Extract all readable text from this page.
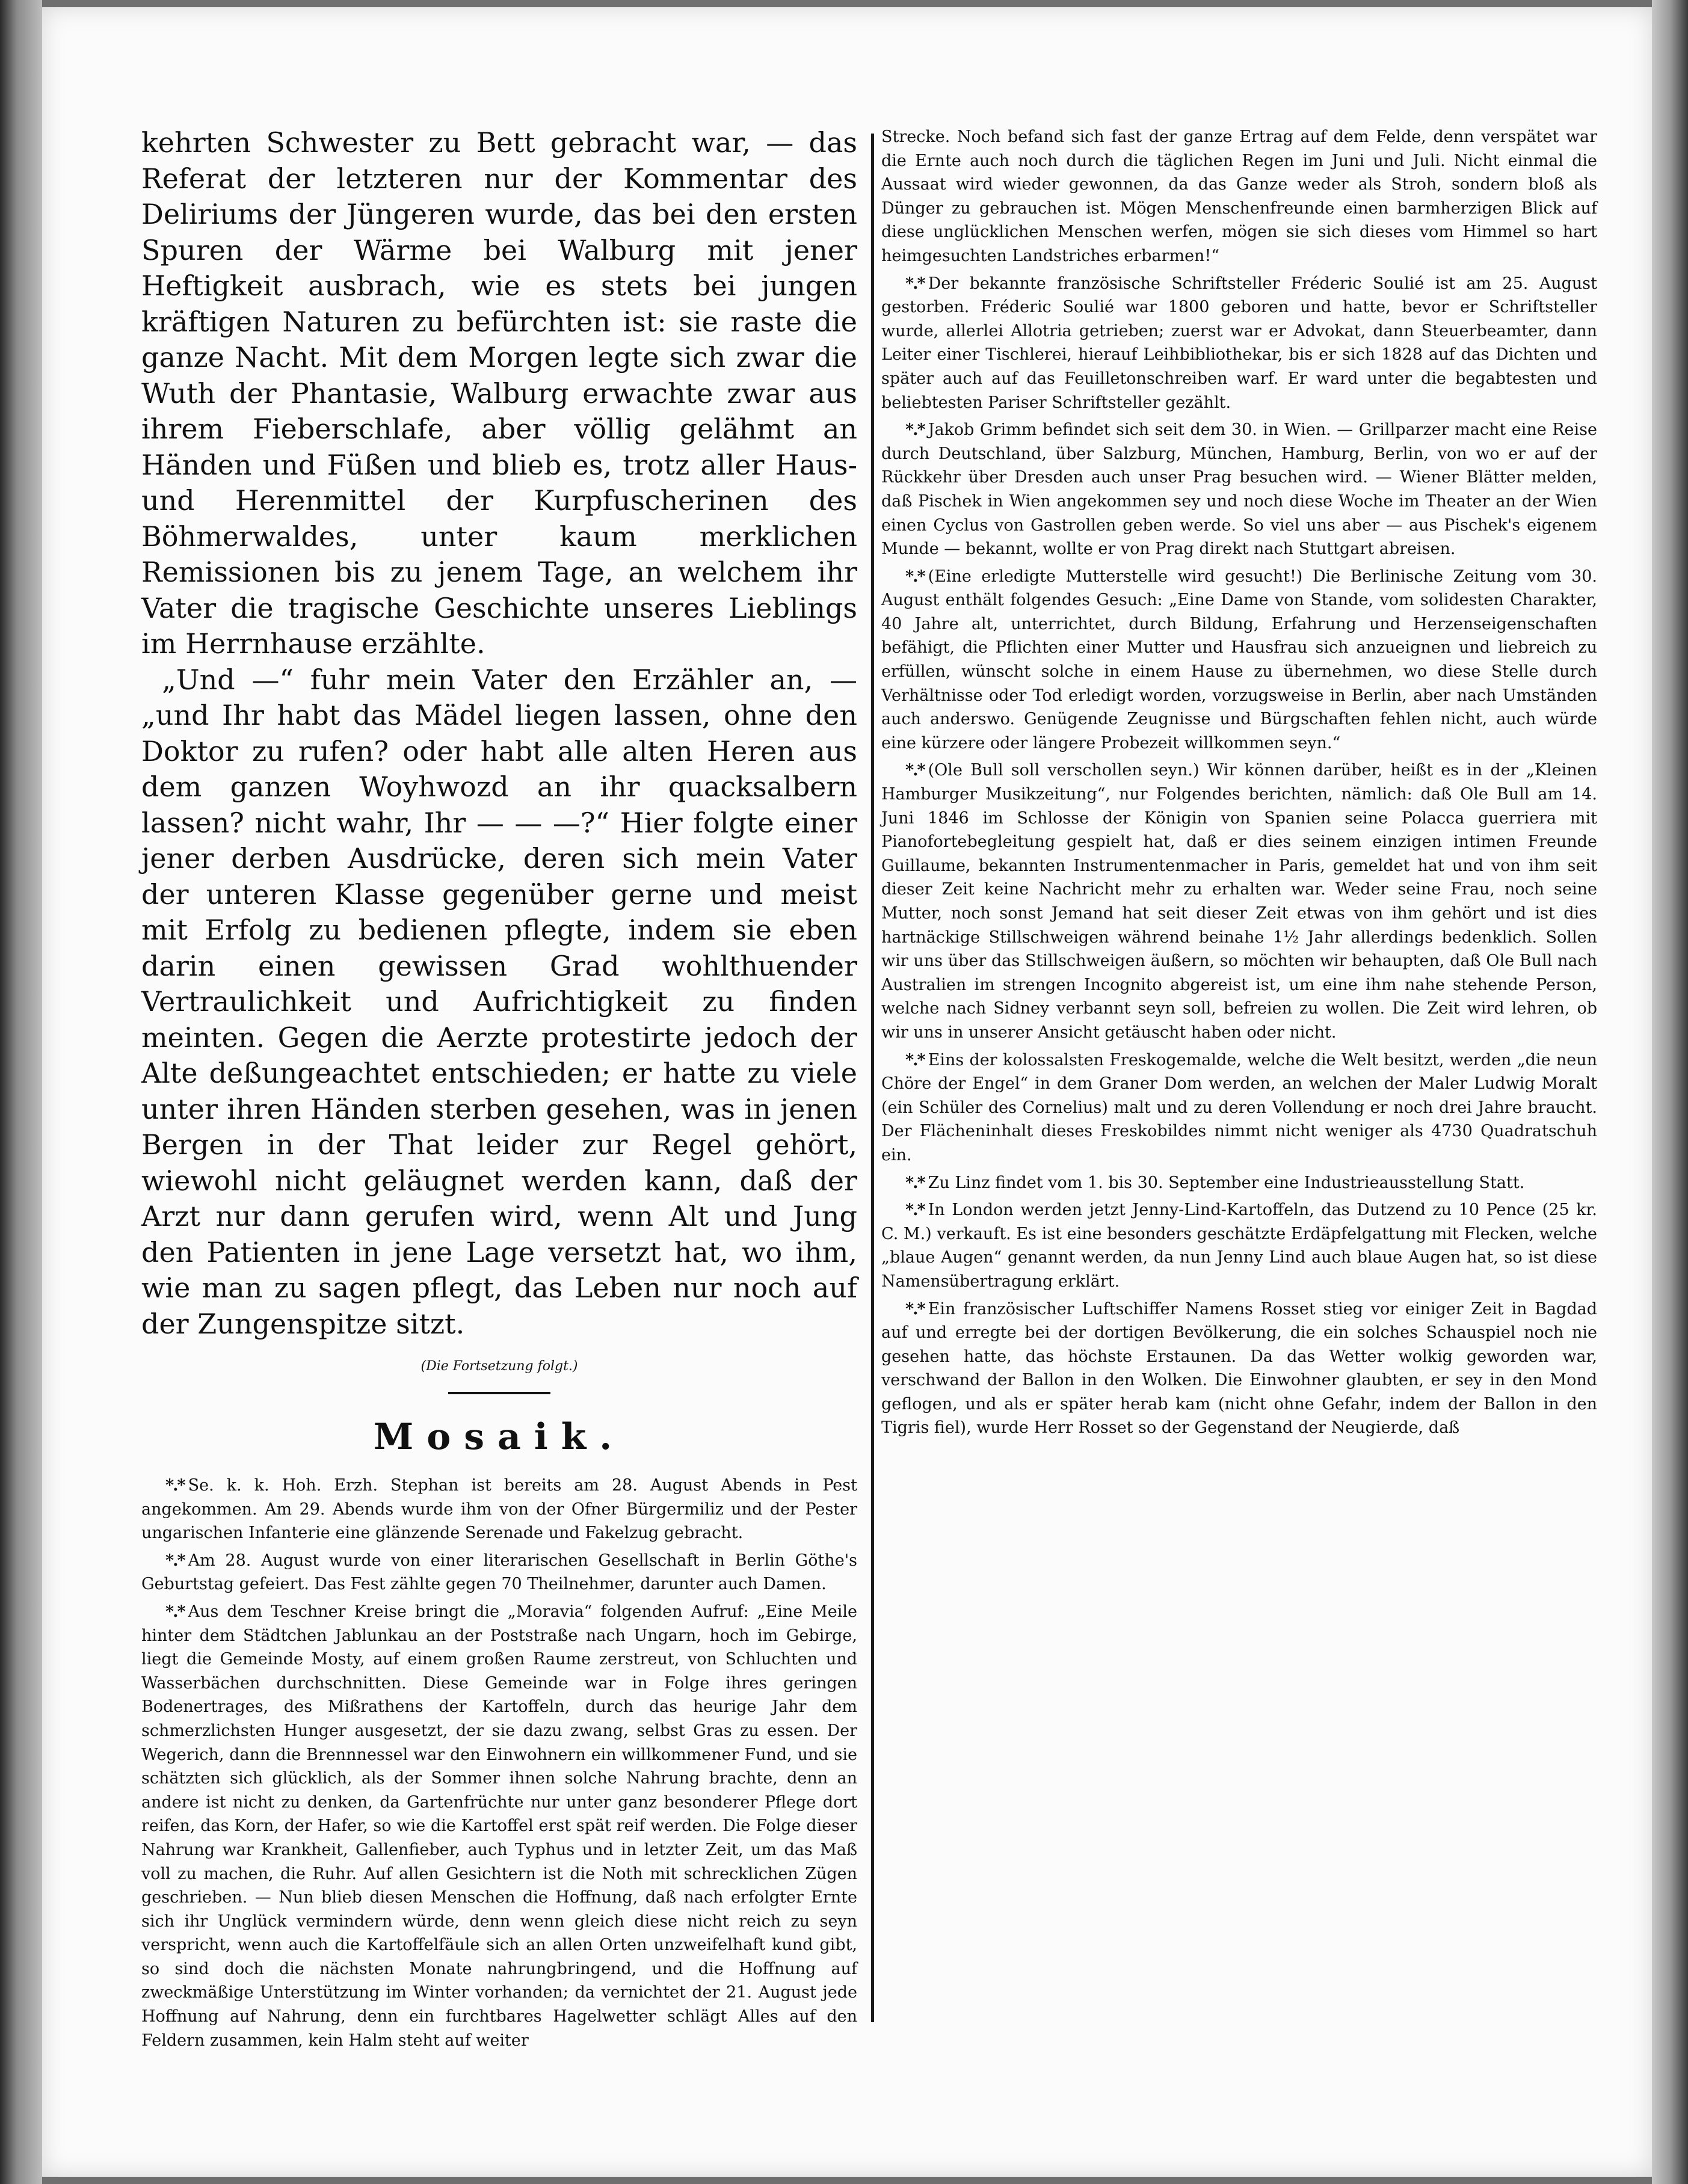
kehrten Schwester zu Bett gebracht war, — das Referat der letzteren nur der Kommentar des Deliriums der Jüngeren wurde, das bei den ersten Spuren der Wärme bei Walburg mit jener Heftigkeit ausbrach, wie es stets bei jungen kräftigen Naturen zu befürchten ist: sie raste die ganze Nacht. Mit dem Morgen legte sich zwar die Wuth der Phantasie, Walburg erwachte zwar aus ihrem Fieberschlafe, aber völlig gelähmt an Händen und Füßen und blieb es, trotz aller Haus- und Herenmittel der Kurpfuscherinen des Böhmerwaldes, unter kaum merklichen Remissionen bis zu jenem Tage, an welchem ihr Vater die tragische Geschichte unseres Lieblings im Herrnhause erzählte.

„Und —“ fuhr mein Vater den Erzähler an, — „und Ihr habt das Mädel liegen lassen, ohne den Doktor zu rufen? oder habt alle alten Heren aus dem ganzen Woyhwozd an ihr quacksalbern lassen? nicht wahr, Ihr — — —?“ Hier folgte einer jener derben Ausdrücke, deren sich mein Vater der unteren Klasse gegenüber gerne und meist mit Erfolg zu bedienen pflegte, indem sie eben darin einen gewissen Grad wohlthuender Vertraulichkeit und Aufrichtigkeit zu finden meinten. Gegen die Aerzte protestirte jedoch der Alte deßungeachtet entschieden; er hatte zu viele unter ihren Händen sterben gesehen, was in jenen Bergen in der That leider zur Regel gehört, wiewohl nicht geläugnet werden kann, daß der Arzt nur dann gerufen wird, wenn Alt und Jung den Patienten in jene Lage versetzt hat, wo ihm, wie man zu sagen pflegt, das Leben nur noch auf der Zungenspitze sitzt.

(Die Fortsetzung folgt.)
Mosaik.

*.* Se. k. k. Hoh. Erzh. Stephan ist bereits am 28. August Abends in Pest angekommen. Am 29. Abends wurde ihm von der Ofner Bürgermiliz und der Pester ungarischen Infanterie eine glänzende Serenade und Fakelzug gebracht.

*.* Am 28. August wurde von einer literarischen Gesellschaft in Berlin Göthe's Geburtstag gefeiert. Das Fest zählte gegen 70 Theilnehmer, darunter auch Damen.

*.* Aus dem Teschner Kreise bringt die „Moravia“ folgenden Aufruf: „Eine Meile hinter dem Städtchen Jablunkau an der Poststraße nach Ungarn, hoch im Gebirge, liegt die Gemeinde Mosty, auf einem großen Raume zerstreut, von Schluchten und Wasserbächen durchschnitten. Diese Gemeinde war in Folge ihres geringen Bodenertrages, des Mißrathens der Kartoffeln, durch das heurige Jahr dem schmerzlichsten Hunger ausgesetzt, der sie dazu zwang, selbst Gras zu essen. Der Wegerich, dann die Brennnessel war den Einwohnern ein willkommener Fund, und sie schätzten sich glücklich, als der Sommer ihnen solche Nahrung brachte, denn an andere ist nicht zu denken, da Gartenfrüchte nur unter ganz besonderer Pflege dort reifen, das Korn, der Hafer, so wie die Kartoffel erst spät reif werden. Die Folge dieser Nahrung war Krankheit, Gallenfieber, auch Typhus und in letzter Zeit, um das Maß voll zu machen, die Ruhr. Auf allen Gesichtern ist die Noth mit schrecklichen Zügen geschrieben. — Nun blieb diesen Menschen die Hoffnung, daß nach erfolgter Ernte sich ihr Unglück vermindern würde, denn wenn gleich diese nicht reich zu seyn verspricht, wenn auch die Kartoffelfäule sich an allen Orten unzweifelhaft kund gibt, so sind doch die nächsten Monate nahrungbringend, und die Hoffnung auf zweckmäßige Unterstützung im Winter vorhanden; da vernichtet der 21. August jede Hoffnung auf Nahrung, denn ein furchtbares Hagelwetter schlägt Alles auf den Feldern zusammen, kein Halm steht auf weiter

Strecke. Noch befand sich fast der ganze Ertrag auf dem Felde, denn verspätet war die Ernte auch noch durch die täglichen Regen im Juni und Juli. Nicht einmal die Aussaat wird wieder gewonnen, da das Ganze weder als Stroh, sondern bloß als Dünger zu gebrauchen ist. Mögen Menschenfreunde einen barmherzigen Blick auf diese unglücklichen Menschen werfen, mögen sie sich dieses vom Himmel so hart heimgesuchten Landstriches erbarmen!“

*.* Der bekannte französische Schriftsteller Fréderic Soulié ist am 25. August gestorben. Fréderic Soulié war 1800 geboren und hatte, bevor er Schriftsteller wurde, allerlei Allotria getrieben; zuerst war er Advokat, dann Steuerbeamter, dann Leiter einer Tischlerei, hierauf Leihbibliothekar, bis er sich 1828 auf das Dichten und später auch auf das Feuilletonschreiben warf. Er ward unter die begabtesten und beliebtesten Pariser Schriftsteller gezählt.

*.* Jakob Grimm befindet sich seit dem 30. in Wien. — Grillparzer macht eine Reise durch Deutschland, über Salzburg, München, Hamburg, Berlin, von wo er auf der Rückkehr über Dresden auch unser Prag besuchen wird. — Wiener Blätter melden, daß Pischek in Wien angekommen sey und noch diese Woche im Theater an der Wien einen Cyclus von Gastrollen geben werde. So viel uns aber — aus Pischek's eigenem Munde — bekannt, wollte er von Prag direkt nach Stuttgart abreisen.

*.* (Eine erledigte Mutterstelle wird gesucht!) Die Berlinische Zeitung vom 30. August enthält folgendes Gesuch: „Eine Dame von Stande, vom solidesten Charakter, 40 Jahre alt, unterrichtet, durch Bildung, Erfahrung und Herzenseigenschaften befähigt, die Pflichten einer Mutter und Hausfrau sich anzueignen und liebreich zu erfüllen, wünscht solche in einem Hause zu übernehmen, wo diese Stelle durch Verhältnisse oder Tod erledigt worden, vorzugsweise in Berlin, aber nach Umständen auch anderswo. Genügende Zeugnisse und Bürgschaften fehlen nicht, auch würde eine kürzere oder längere Probezeit willkommen seyn.“

*.* (Ole Bull soll verschollen seyn.) Wir können darüber, heißt es in der „Kleinen Hamburger Musikzeitung“, nur Folgendes berichten, nämlich: daß Ole Bull am 14. Juni 1846 im Schlosse der Königin von Spanien seine Polacca guerriera mit Pianofortebegleitung gespielt hat, daß er dies seinem einzigen intimen Freunde Guillaume, bekannten Instrumentenmacher in Paris, gemeldet hat und von ihm seit dieser Zeit keine Nachricht mehr zu erhalten war. Weder seine Frau, noch seine Mutter, noch sonst Jemand hat seit dieser Zeit etwas von ihm gehört und ist dies hartnäckige Stillschweigen während beinahe 1½ Jahr allerdings bedenklich. Sollen wir uns über das Stillschweigen äußern, so möchten wir behaupten, daß Ole Bull nach Australien im strengen Incognito abgereist ist, um eine ihm nahe stehende Person, welche nach Sidney verbannt seyn soll, befreien zu wollen. Die Zeit wird lehren, ob wir uns in unserer Ansicht getäuscht haben oder nicht.

*.* Eins der kolossalsten Freskogemalde, welche die Welt besitzt, werden „die neun Chöre der Engel“ in dem Graner Dom werden, an welchen der Maler Ludwig Moralt (ein Schüler des Cornelius) malt und zu deren Vollendung er noch drei Jahre braucht. Der Flächeninhalt dieses Freskobildes nimmt nicht weniger als 4730 Quadratschuh ein.

*.* Zu Linz findet vom 1. bis 30. September eine Industrieausstellung Statt.

*.* In London werden jetzt Jenny-Lind-Kartoffeln, das Dutzend zu 10 Pence (25 kr. C. M.) verkauft. Es ist eine besonders geschätzte Erdäpfelgattung mit Flecken, welche „blaue Augen“ genannt werden, da nun Jenny Lind auch blaue Augen hat, so ist diese Namensübertragung erklärt.

*.* Ein französischer Luftschiffer Namens Rosset stieg vor einiger Zeit in Bagdad auf und erregte bei der dortigen Bevölkerung, die ein solches Schauspiel noch nie gesehen hatte, das höchste Erstaunen. Da das Wetter wolkig geworden war, verschwand der Ballon in den Wolken. Die Einwohner glaubten, er sey in den Mond geflogen, und als er später herab kam (nicht ohne Gefahr, indem der Ballon in den Tigris fiel), wurde Herr Rosset so der Gegenstand der Neugierde, daß
